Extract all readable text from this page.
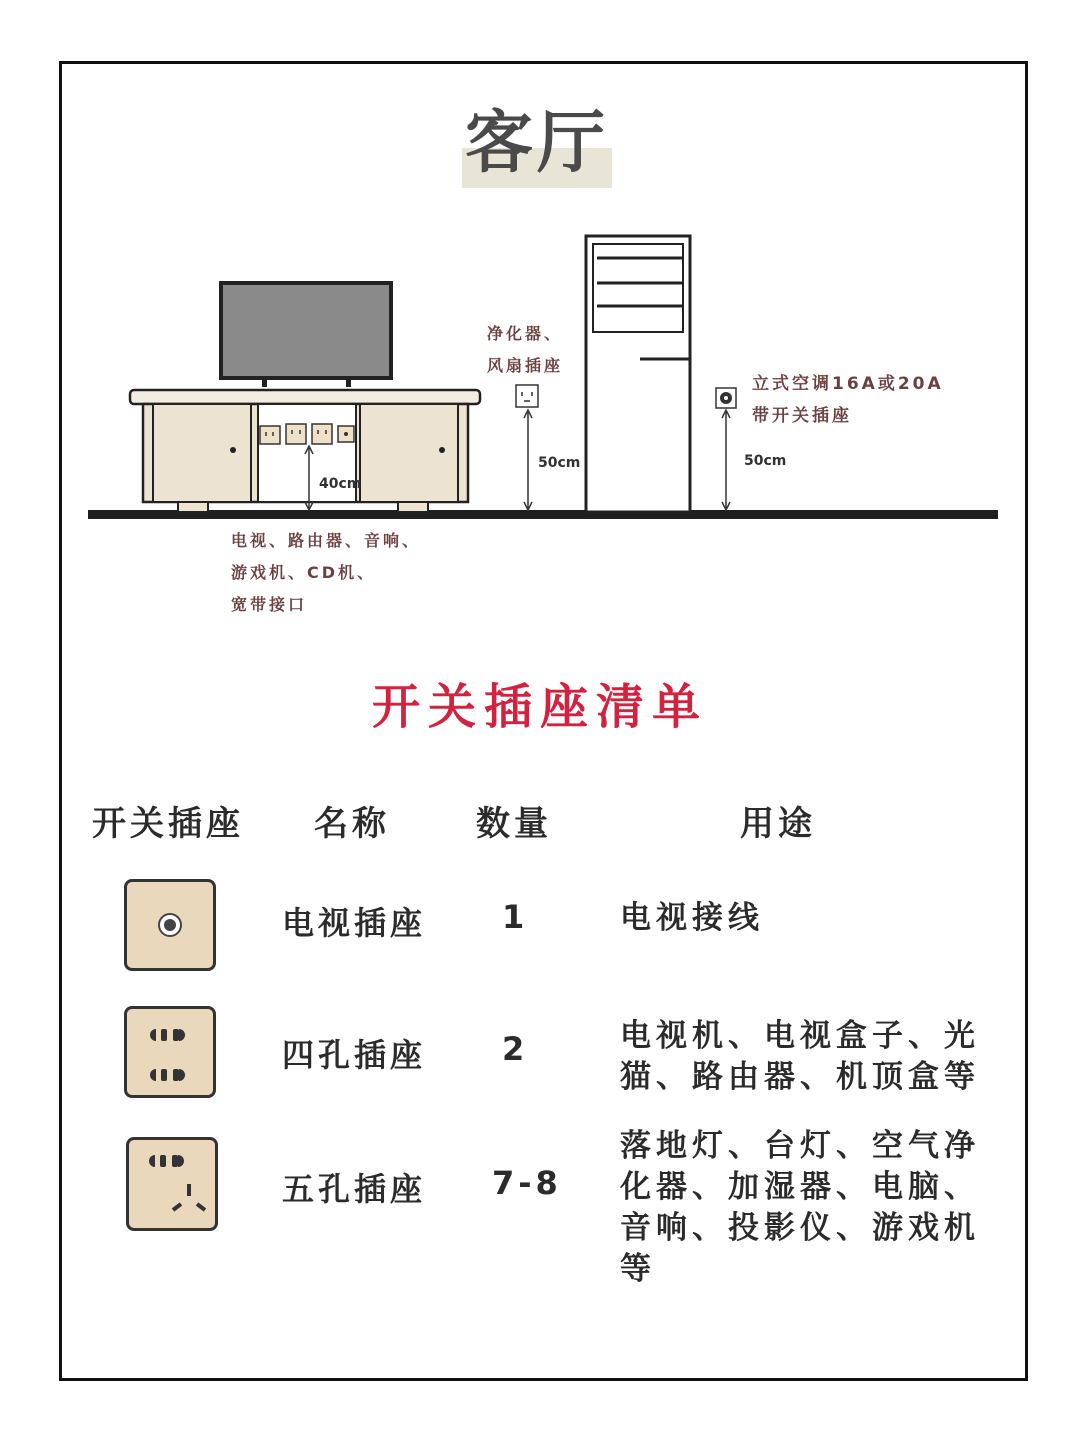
客厅
40cm
50cm	50cm
净化器、
风扇插座
立式空调16A或20A
带开关插座
电视、路由器、音响、
游戏机、CD机、
宽带接口
开关插座清单
开关插座 名称	数量	用途
电视插座 1	电视接线
四孔插座 2	电视机、电视盒子、光
猫、路由器、机顶盒等
五孔插座 7-8
落地灯、台灯、空气净
化器、加湿器、电脑、
音响、投影仪、游戏机
等
